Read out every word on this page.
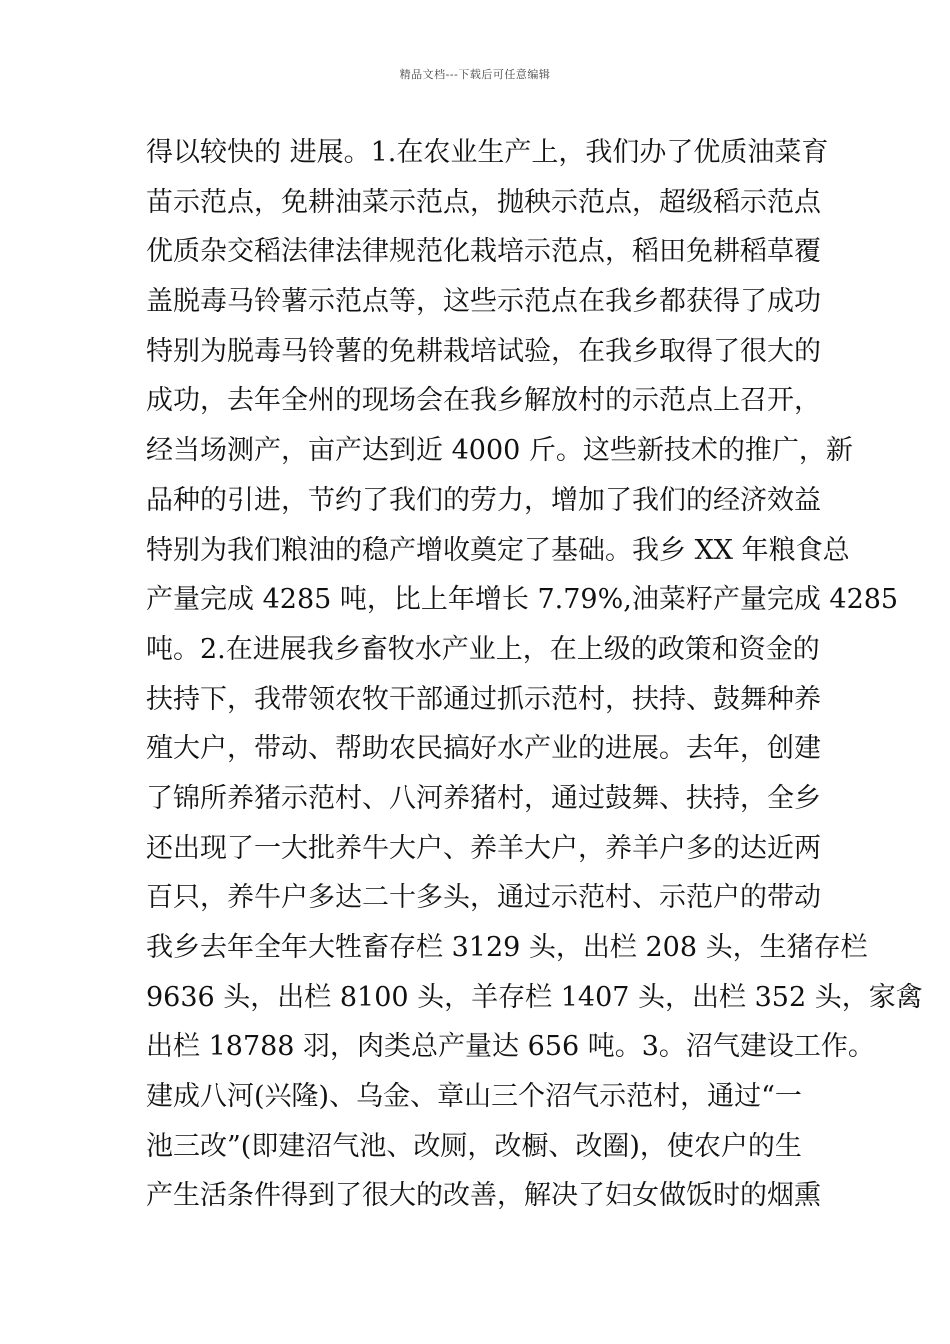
精品文档---下载后可任意编辑
得以较快的 进展。1.在农业生产上，我们办了优质油菜育
苗示范点，免耕油菜示范点，抛秧示范点，超级稻示范点
优质杂交稻法律法律规范化栽培示范点，稻田免耕稻草覆
盖脱毒马铃薯示范点等，这些示范点在我乡都获得了成功
特别为脱毒马铃薯的免耕栽培试验，在我乡取得了很大的
成功，去年全州的现场会在我乡解放村的示范点上召开，
经当场测产，亩产达到近 4000 斤。这些新技术的推广，新
品种的引进，节约了我们的劳力，增加了我们的经济效益
特别为我们粮油的稳产增收奠定了基础。我乡 XX 年粮食总
产量完成 4285 吨，比上年增长 7.79%,油菜籽产量完成 4285
吨。2.在进展我乡畜牧水产业上，在上级的政策和资金的
扶持下，我带领农牧干部通过抓示范村，扶持、鼓舞种养
殖大户，带动、帮助农民搞好水产业的进展。去年，创建
了锦所养猪示范村、八河养猪村，通过鼓舞、扶持，全乡
还出现了一大批养牛大户、养羊大户，养羊户多的达近两
百只，养牛户多达二十多头，通过示范村、示范户的带动
我乡去年全年大牲畜存栏 3129 头，出栏 208 头，生猪存栏
9636 头，出栏 8100 头，羊存栏 1407 头，出栏 352 头，家禽
出栏 18788 羽，肉类总产量达 656 吨。3。沼气建设工作。
建成八河(兴隆)、乌金、章山三个沼气示范村，通过“一
池三改”(即建沼气池、改厕，改橱、改圈)，使农户的生
产生活条件得到了很大的改善，解决了妇女做饭时的烟熏
